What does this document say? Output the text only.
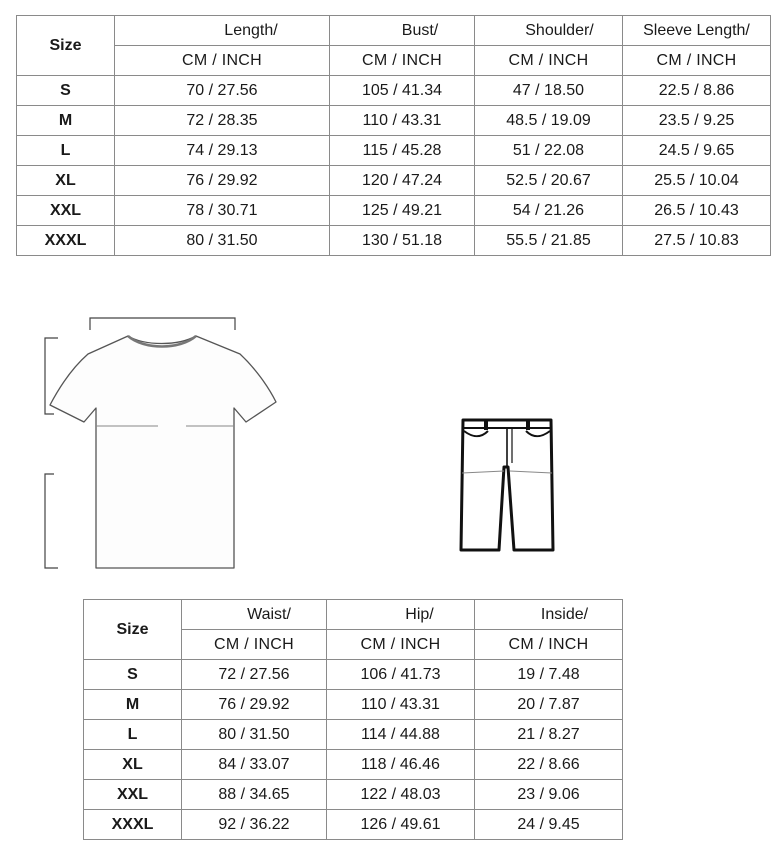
Size	Length/	Bust/	Shoulder/	Sleeve Length/
	CM / INCH	CM / INCH	CM / INCH	CM / INCH
S	70 / 27.56	105 / 41.34	47 / 18.50	22.5 / 8.86
M	72 / 28.35	110 / 43.31	48.5 / 19.09	23.5 / 9.25
L	74 / 29.13	115 / 45.28	51 / 22.08	24.5 / 9.65
XL	76 / 29.92	120 / 47.24	52.5 / 20.67	25.5 / 10.04
XXL	78 / 30.71	125 / 49.21	54 / 21.26	26.5 / 10.43
XXXL	80 / 31.50	130 / 51.18	55.5 / 21.85	27.5 / 10.83
Size	Waist/	Hip/	Inside/
	CM / INCH	CM / INCH	CM / INCH
S	72 / 27.56	106 / 41.73	19 / 7.48
M	76 / 29.92	110 / 43.31	20 / 7.87
L	80 / 31.50	114 / 44.88	21 / 8.27
XL	84 / 33.07	118 / 46.46	22 / 8.66
XXL	88 / 34.65	122 / 48.03	23 / 9.06
XXXL	92 / 36.22	126 / 49.61	24 / 9.45
